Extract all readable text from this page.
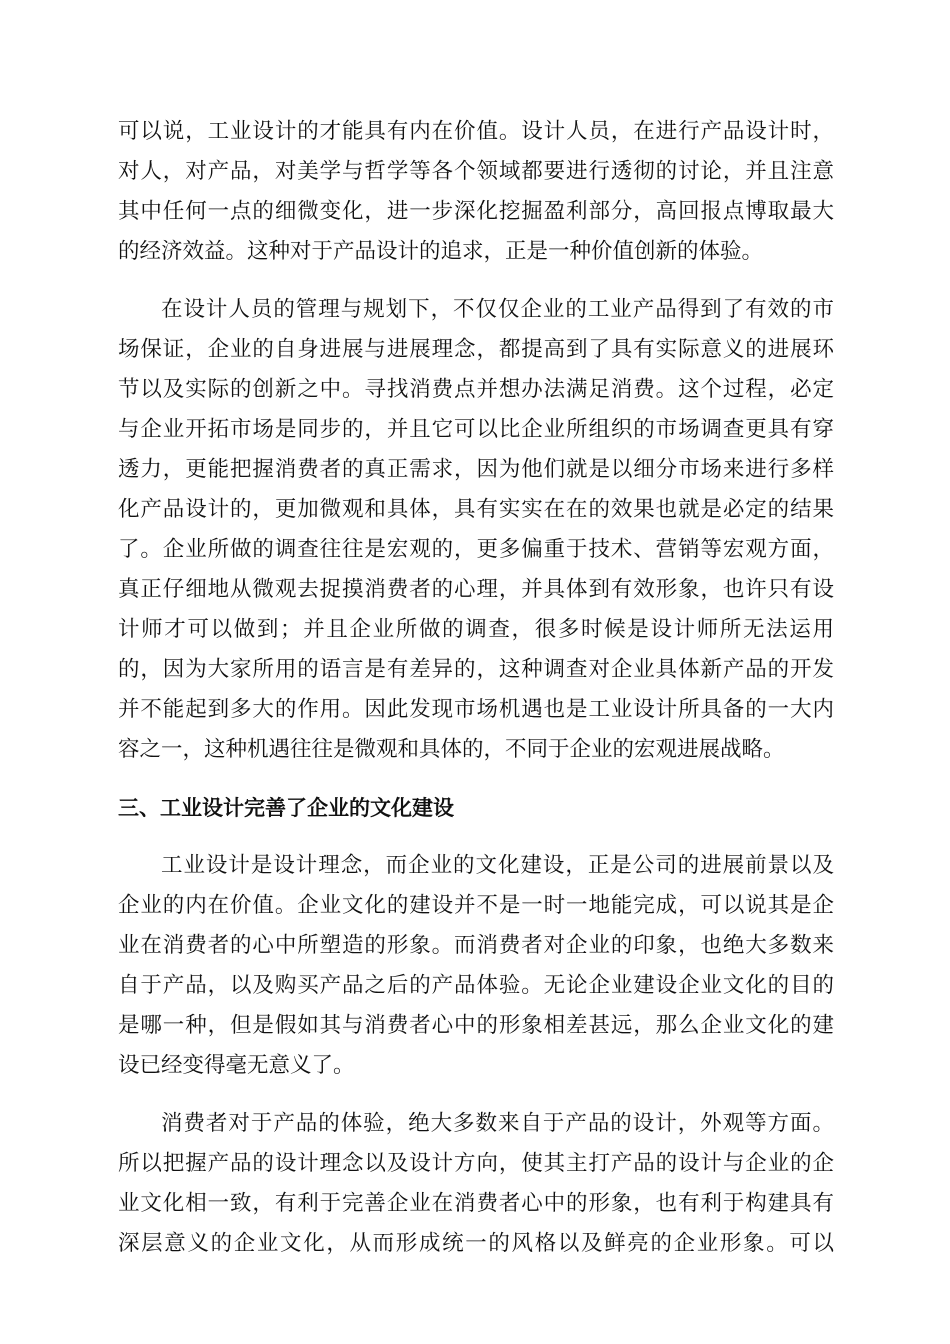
可以说，工业设计的才能具有内在价值。设计人员，在进行产品设计时，
对人，对产品，对美学与哲学等各个领域都要进行透彻的讨论，并且注意
其中任何一点的细微变化，进一步深化挖掘盈利部分，高回报点博取最大
的经济效益。这种对于产品设计的追求，正是一种价值创新的体验。
在设计人员的管理与规划下，不仅仅企业的工业产品得到了有效的市
场保证，企业的自身进展与进展理念，都提高到了具有实际意义的进展环
节以及实际的创新之中。寻找消费点并想办法满足消费。这个过程，必定
与企业开拓市场是同步的，并且它可以比企业所组织的市场调查更具有穿
透力，更能把握消费者的真正需求，因为他们就是以细分市场来进行多样
化产品设计的，更加微观和具体，具有实实在在的效果也就是必定的结果
了。企业所做的调查往往是宏观的，更多偏重于技术、营销等宏观方面，
真正仔细地从微观去捉摸消费者的心理，并具体到有效形象，也许只有设
计师才可以做到；并且企业所做的调查，很多时候是设计师所无法运用
的，因为大家所用的语言是有差异的，这种调查对企业具体新产品的开发
并不能起到多大的作用。因此发现市场机遇也是工业设计所具备的一大内
容之一，这种机遇往往是微观和具体的，不同于企业的宏观进展战略。
三、工业设计完善了企业的文化建设
工业设计是设计理念，而企业的文化建设，正是公司的进展前景以及
企业的内在价值。企业文化的建设并不是一时一地能完成，可以说其是企
业在消费者的心中所塑造的形象。而消费者对企业的印象，也绝大多数来
自于产品，以及购买产品之后的产品体验。无论企业建设企业文化的目的
是哪一种，但是假如其与消费者心中的形象相差甚远，那么企业文化的建
设已经变得毫无意义了。
消费者对于产品的体验，绝大多数来自于产品的设计，外观等方面。
所以把握产品的设计理念以及设计方向，使其主打产品的设计与企业的企
业文化相一致，有利于完善企业在消费者心中的形象，也有利于构建具有
深层意义的企业文化，从而形成统一的风格以及鲜亮的企业形象。可以
